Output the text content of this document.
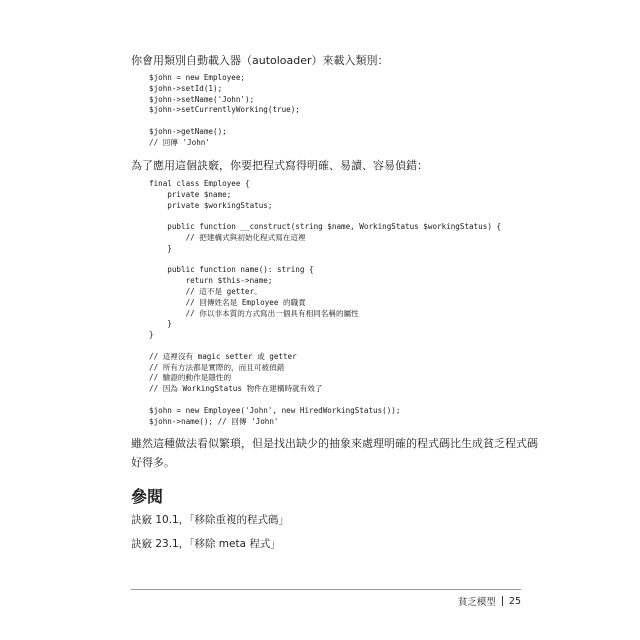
你會用類別自動載入器（autoloader）來載入類別：

$john = new Employee;
$john->setId(1);
$john->setName('John');
$john->setCurrentlyWorking(true);

$john->getName();
// 回傳 'John'

為了應用這個訣竅，你要把程式寫得明確、易讀、容易偵錯：

final class Employee {
private $name;
private $workingStatus;

public function __construct(string $name, WorkingStatus $workingStatus) {
// 把建構式與初始化程式寫在這裡
}

public function name(): string {
return $this->name;
// 這不是 getter。
// 回傳姓名是 Employee 的職責
// 你以非本質的方式寫出一個具有相同名稱的屬性
}
}

// 這裡沒有 magic setter 或 getter
// 所有方法都是實際的，而且可被偵錯
// 驗證的動作是隱性的
// 因為 WorkingStatus 物件在建構時就有效了

$john = new Employee('John', new HiredWorkingStatus());
$john->name(); // 回傳 'John'

雖然這種做法看似繁瑣，但是找出缺少的抽象來處理明確的程式碼比生成貧乏程式碼好得多。

參閱

訣竅 10.1，「移除重複的程式碼」

訣竅 23.1，「移除 meta 程式」

貧乏模型 25
